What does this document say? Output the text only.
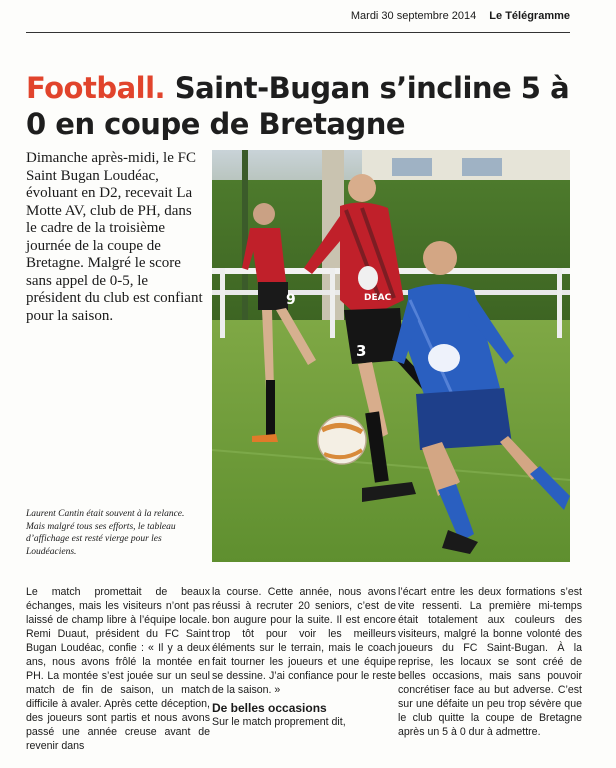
Mardi 30 septembre 2014 Le Télégramme
Football. Saint-Bugan s’incline 5 à 0 en coupe de Bretagne

Dimanche après-midi, le FC Saint Bugan Loudéac, évoluant en D2, recevait La Motte AV, club de PH, dans le cadre de la troisième journée de la coupe de Bretagne. Malgré le score sans appel de 0-5, le président du club est confiant pour la saison.

9	DEAC
3

Laurent Cantin était souvent à la relance. Mais malgré tous ses efforts, le tableau d’affichage est resté vierge pour les Loudéaciens.

Le match promettait de beaux échanges, mais les visiteurs n’ont pas laissé de champ libre à l’équipe locale. Remi Duaut, président du FC Saint Bugan Loudéac, confie : « Il y a deux ans, nous avons frôlé la montée en PH. La montée s’est jouée sur un seul match de fin de saison, un match difficile à avaler. Après cette déception, des joueurs sont partis et nous avons passé une année creuse avant de revenir dans

la course. Cette année, nous avons réussi à recruter 20 seniors, c’est de bon augure pour la suite. Il est encore trop tôt pour voir les meilleurs éléments sur le terrain, mais le coach fait tourner les joueurs et une équipe se dessine. J’ai confiance pour le reste de la saison. »
De belles occasions
Sur le match proprement dit,

l’écart entre les deux formations s’est vite ressenti. La première mi-temps était totalement aux couleurs des visiteurs, malgré la bonne volonté des joueurs du FC Saint-Bugan. À la reprise, les locaux se sont créé de belles occasions, mais sans pouvoir concrétiser face au but adverse. C’est sur une défaite un peu trop sévère que le club quitte la coupe de Bretagne après un 5 à 0 dur à admettre.
